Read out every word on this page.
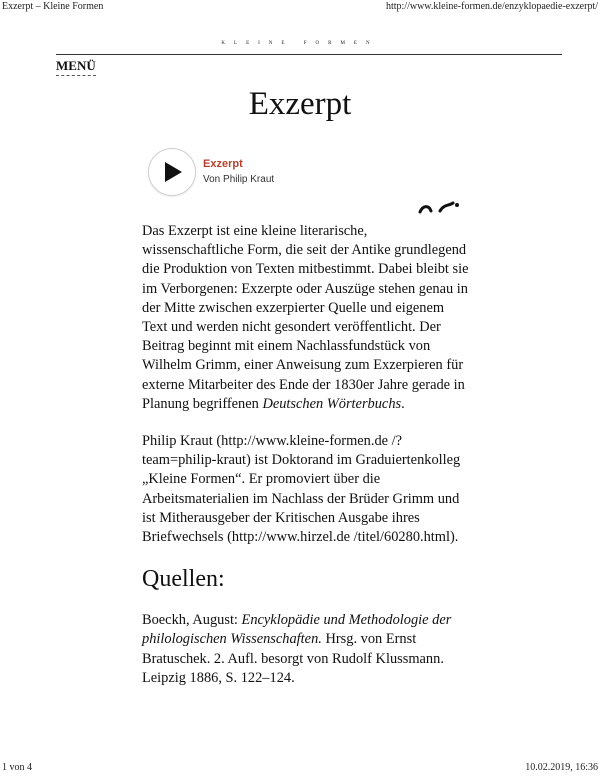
Exzerpt – Kleine Formen	http://www.kleine-formen.de/enzyklopaedie-exzerpt/
KLEINE FORMEN
MENÜ
Exzerpt
Exzerpt
Von Philip Kraut

Das Exzerpt ist eine kleine literarische, wissenschaftliche Form, die seit der Antike grundlegend die Produktion von Texten mitbestimmt. Dabei bleibt sie im Verborgenen: Exzerpte oder Auszüge stehen genau in der Mitte zwischen exzerpierter Quelle und eigenem Text und werden nicht gesondert veröffentlicht. Der Beitrag beginnt mit einem Nachlassfundstück von Wilhelm Grimm, einer Anweisung zum Exzerpieren für externe Mitarbeiter des Ende der 1830er Jahre gerade in Planung begriffenen Deutschen Wörterbuchs.

Philip Kraut (http://www.kleine-formen.de /?team=philip-kraut) ist Doktorand im Graduiertenkolleg „Kleine Formen“. Er promoviert über die Arbeitsmaterialien im Nachlass der Brüder Grimm und ist Mitherausgeber der Kritischen Ausgabe ihres Briefwechsels (http://www.hirzel.de /titel/60280.html).

Quellen:

Boeckh, August: Encyklopädie und Methodologie der philologischen Wissenschaften. Hrsg. von Ernst Bratuschek. 2. Aufl. besorgt von Rudolf Klussmann. Leipzig 1886, S. 122–124.

1 von 4	10.02.2019, 16:36
